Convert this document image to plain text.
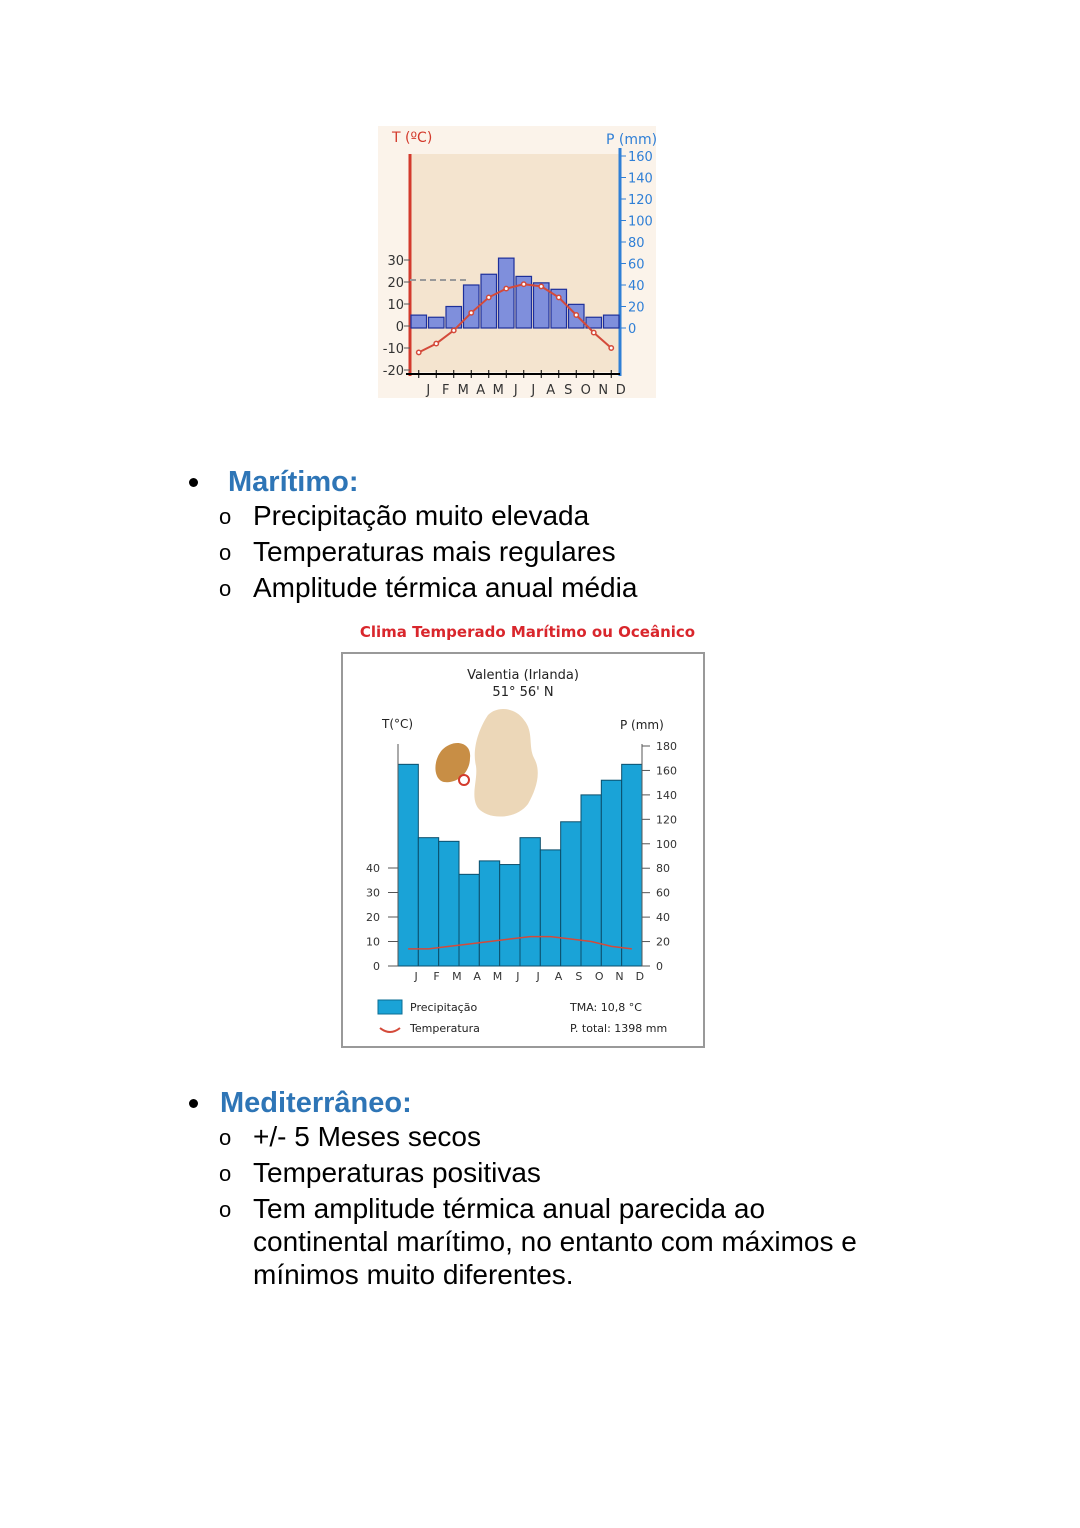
T (ºC)	P (mm)
30
20
10
0
-10
-20
160
140
120
100
80
60
40
20
0
J F M A M J J A S O N D
Clima Temperado Marítimo ou Oceânico
Valentia (Irlanda)
51° 56' N
T(°C)	P (mm)
40
30
20
10
0
180
160
140
120
100
80
60
40
20
0
J F M A M J J A S O N D
Precipitação
Temperatura
TMA: 10,8 °C
P. total: 1398 mm
Marítimo:
o Precipitação muito elevada
o Temperaturas mais regulares
o Amplitude térmica anual média
Mediterrâneo:
o +/- 5 Meses secos
o Temperaturas positivas
o Tem amplitude térmica anual parecida ao continental marítimo, no entanto com máximos e mínimos muito diferentes.
